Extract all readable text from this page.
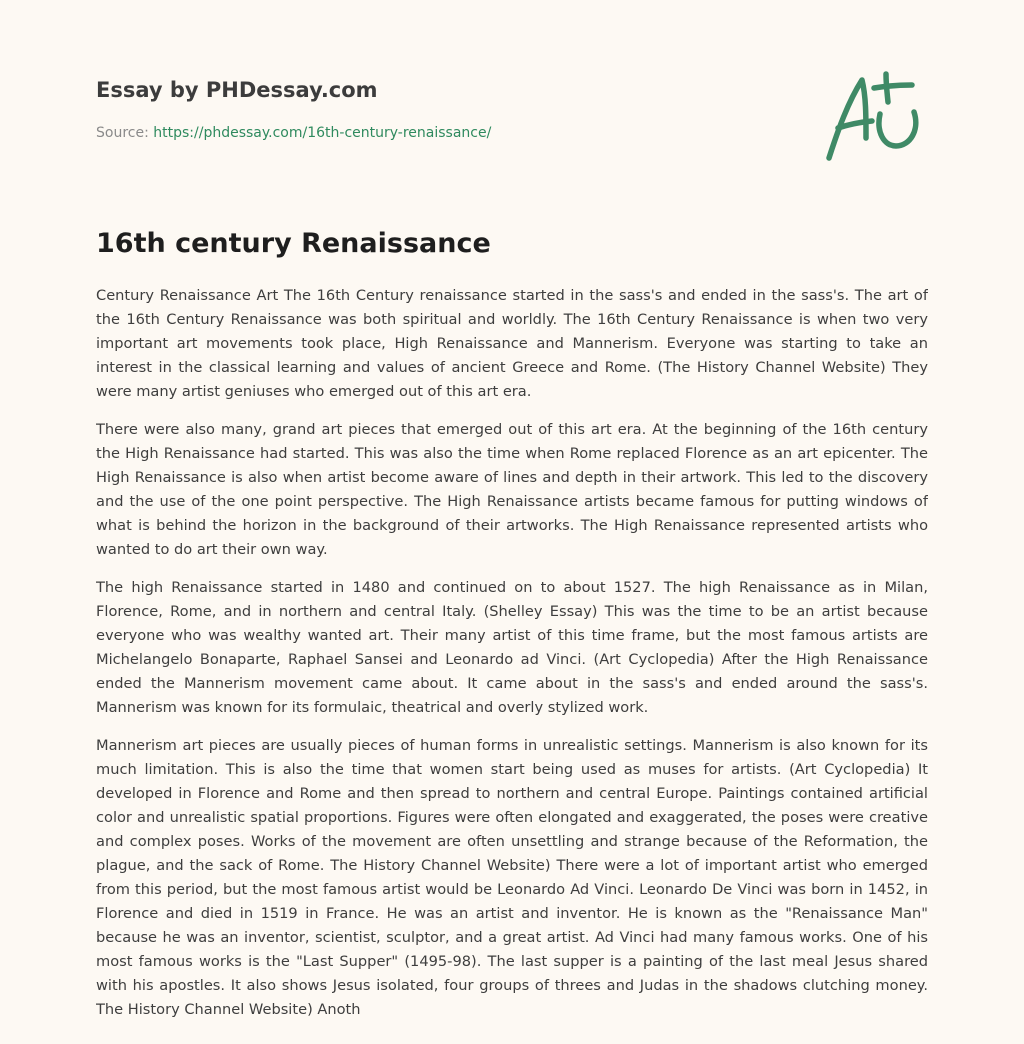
Essay by PHDessay.com
Source: https://phdessay.com/16th-century-renaissance/
16th century Renaissance

Century Renaissance Art The 16th Century renaissance started in the sass's and ended in the sass's. The art of the 16th Century Renaissance was both spiritual and worldly. The 16th Century Renaissance is when two very important art movements took place, High Renaissance and Mannerism. Everyone was starting to take an interest in the classical learning and values of ancient Greece and Rome. (The History Channel Website) They were many artist geniuses who emerged out of this art era.

There were also many, grand art pieces that emerged out of this art era. At the beginning of the 16th century the High Renaissance had started. This was also the time when Rome replaced Florence as an art epicenter. The High Renaissance is also when artist become aware of lines and depth in their artwork. This led to the discovery and the use of the one point perspective. The High Renaissance artists became famous for putting windows of what is behind the horizon in the background of their artworks. The High Renaissance represented artists who wanted to do art their own way.

The high Renaissance started in 1480 and continued on to about 1527. The high Renaissance as in Milan, Florence, Rome, and in northern and central Italy. (Shelley Essay) This was the time to be an artist because everyone who was wealthy wanted art. Their many artist of this time frame, but the most famous artists are Michelangelo Bonaparte, Raphael Sansei and Leonardo ad Vinci. (Art Cyclopedia) After the High Renaissance ended the Mannerism movement came about. It came about in the sass's and ended around the sass's. Mannerism was known for its formulaic, theatrical and overly stylized work.

Mannerism art pieces are usually pieces of human forms in unrealistic settings. Mannerism is also known for its much limitation. This is also the time that women start being used as muses for artists. (Art Cyclopedia) It developed in Florence and Rome and then spread to northern and central Europe. Paintings contained artificial color and unrealistic spatial proportions. Figures were often elongated and exaggerated, the poses were creative and complex poses. Works of the movement are often unsettling and strange because of the Reformation, the plague, and the sack of Rome. The History Channel Website) There were a lot of important artist who emerged from this period, but the most famous artist would be Leonardo Ad Vinci. Leonardo De Vinci was born in 1452, in Florence and died in 1519 in France. He was an artist and inventor. He is known as the "Renaissance Man" because he was an inventor, scientist, sculptor, and a great artist. Ad Vinci had many famous works. One of his most famous works is the "Last Supper" (1495-98). The last supper is a painting of the last meal Jesus shared with his apostles. It also shows Jesus isolated, four groups of threes and Judas in the shadows clutching money. The History Channel Website) Anoth
